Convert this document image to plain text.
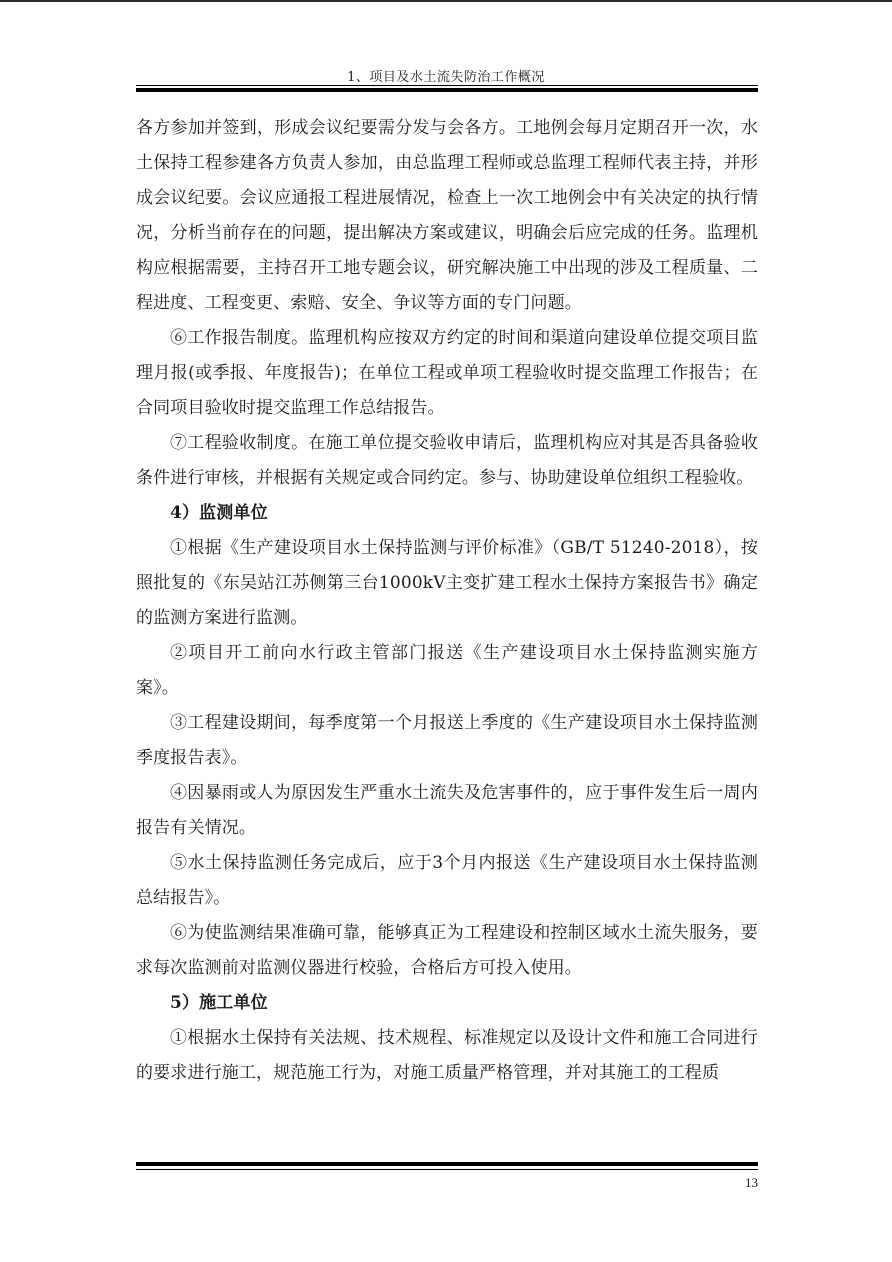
1、项目及水土流失防治工作概况

各方参加并签到，形成会议纪要需分发与会各方。工地例会每月定期召开一次，水土保持工程参建各方负责人参加，由总监理工程师或总监理工程师代表主持，并形成会议纪要。会议应通报工程进展情况，检查上一次工地例会中有关决定的执行情况，分析当前存在的问题，提出解决方案或建议，明确会后应完成的任务。监理机构应根据需要，主持召开工地专题会议，研究解决施工中出现的涉及工程质量、二程进度、工程变更、索赔、安全、争议等方面的专门问题。

⑥工作报告制度。监理机构应按双方约定的时间和渠道向建设单位提交项目监理月报(或季报、年度报告)；在单位工程或单项工程验收时提交监理工作报告；在合同项目验收时提交监理工作总结报告。

⑦工程验收制度。在施工单位提交验收申请后，监理机构应对其是否具备验收条件进行审核，并根据有关规定或合同约定。参与、协助建设单位组织工程验收。

4）监测单位

①根据《生产建设项目水土保持监测与评价标准》（GB/T 51240-2018），按照批复的《东吴站江苏侧第三台1000kV主变扩建工程水土保持方案报告书》确定的监测方案进行监测。

②项目开工前向水行政主管部门报送《生产建设项目水土保持监测实施方案》。

③工程建设期间，每季度第一个月报送上季度的《生产建设项目水土保持监测季度报告表》。

④因暴雨或人为原因发生严重水土流失及危害事件的，应于事件发生后一周内报告有关情况。

⑤水土保持监测任务完成后，应于3个月内报送《生产建设项目水土保持监测总结报告》。

⑥为使监测结果准确可靠，能够真正为工程建设和控制区域水土流失服务，要求每次监测前对监测仪器进行校验，合格后方可投入使用。

5）施工单位

①根据水土保持有关法规、技术规程、标准规定以及设计文件和施工合同进行的要求进行施工，规范施工行为，对施工质量严格管理，并对其施工的工程质

13
